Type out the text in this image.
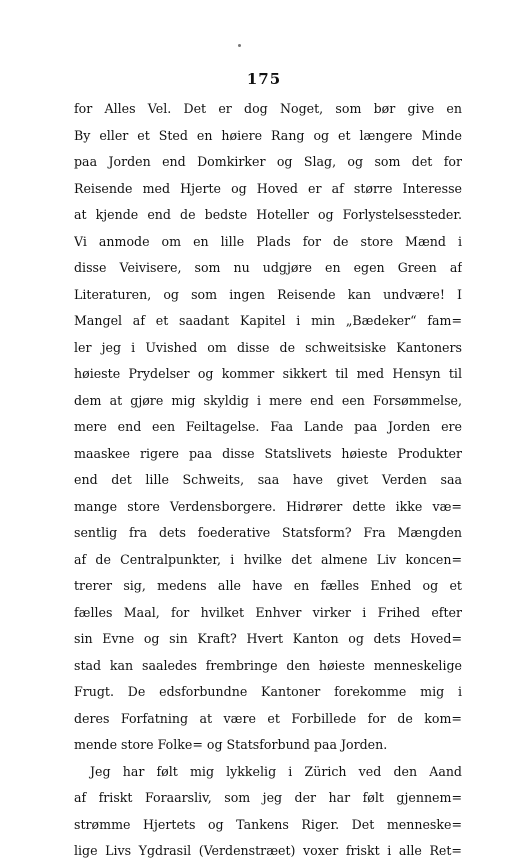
175
for Alles Vel. Det er dog Noget, som bør give en
By eller et Sted en høiere Rang og et længere Minde
paa Jorden end Domkirker og Slag, og som det for
Reisende med Hjerte og Hoved er af større Interesse
at kjende end de bedste Hoteller og Forlystelsessteder.
Vi anmode om en lille Plads for de store Mænd i
disse Veivisere, som nu udgjøre en egen Green af
Literaturen, og som ingen Reisende kan undvære! I
Mangel af et saadant Kapitel i min „Bædeker“ fam=
ler jeg i Uvished om disse de schweitsiske Kantoners
høieste Prydelser og kommer sikkert til med Hensyn til
dem at gjøre mig skyldig i mere end een Forsømmelse,
mere end een Feiltagelse. Faa Lande paa Jorden ere
maaskee rigere paa disse Statslivets høieste Produkter
end det lille Schweits, saa have givet Verden saa
mange store Verdensborgere. Hidrører dette ikke væ=
sentlig fra dets foederative Statsform? Fra Mængden
af de Centralpunkter, i hvilke det almene Liv koncen=
trerer sig, medens alle have en fælles Enhed og et
fælles Maal, for hvilket Enhver virker i Frihed efter
sin Evne og sin Kraft? Hvert Kanton og dets Hoved=
stad kan saaledes frembringe den høieste menneskelige
Frugt. De edsforbundne Kantoner forekomme mig i
deres Forfatning at være et Forbillede for de kom=
mende store Folke= og Statsforbund paa Jorden.
Jeg har følt mig lykkelig i Zürich ved den Aand
af friskt Foraarsliv, som jeg der har følt gjennem=
strømme Hjertets og Tankens Riger. Det menneske=
lige Livs Ygdrasil (Verdenstræet) voxer friskt i alle Ret=
